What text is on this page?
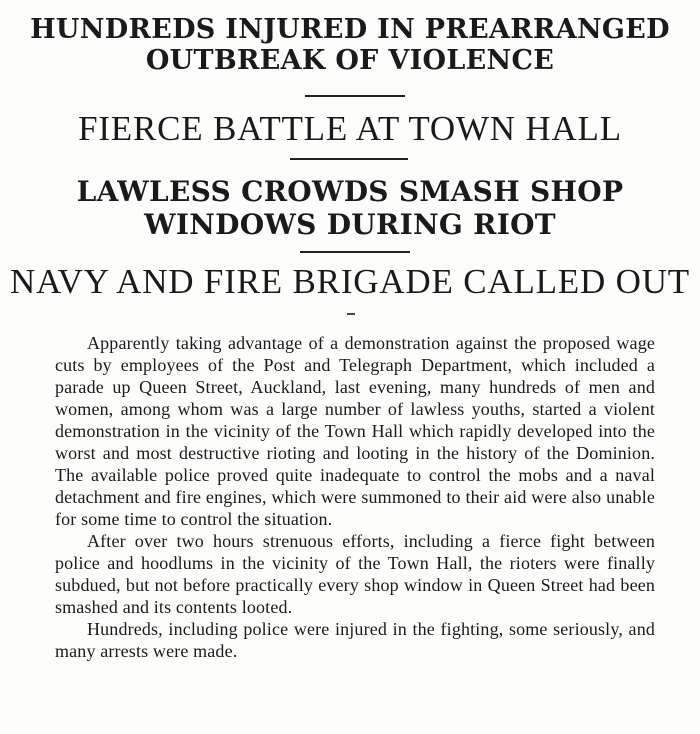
HUNDREDS INJURED IN PREARRANGED OUTBREAK OF VIOLENCE
FIERCE BATTLE AT TOWN HALL
LAWLESS CROWDS SMASH SHOP WINDOWS DURING RIOT
NAVY AND FIRE BRIGADE CALLED OUT

Apparently taking advantage of a demonstration against the proposed wage cuts by employees of the Post and Telegraph Department, which included a parade up Queen Street, Auckland, last evening, many hundreds of men and women, among whom was a large number of lawless youths, started a violent demonstration in the vicinity of the Town Hall which rapidly developed into the worst and most destructive rioting and looting in the history of the Dominion. The available police proved quite inadequate to control the mobs and a naval detachment and fire engines, which were summoned to their aid were also unable for some time to control the situation.

After over two hours strenuous efforts, including a fierce fight between police and hoodlums in the vicinity of the Town Hall, the rioters were finally subdued, but not before practically every shop window in Queen Street had been smashed and its contents looted.

Hundreds, including police were injured in the fighting, some seriously, and many arrests were made.
